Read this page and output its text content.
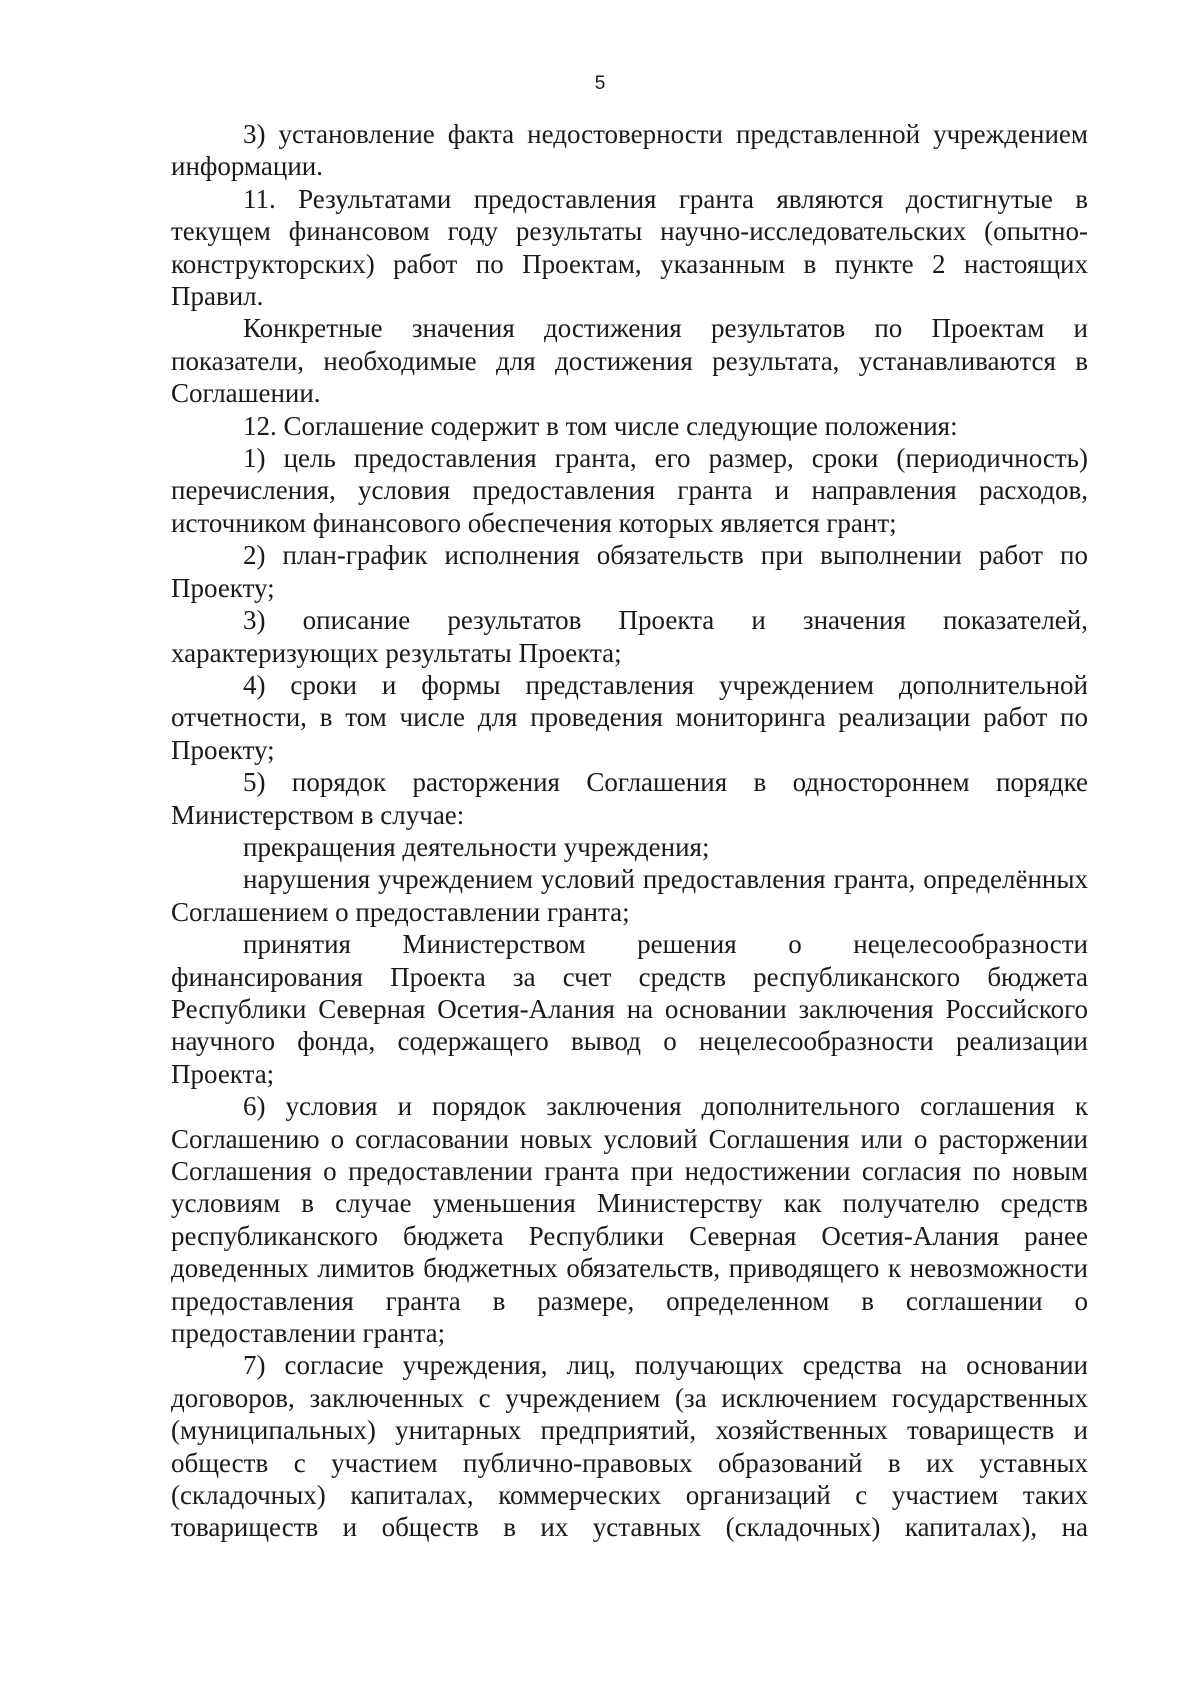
5

3) установление факта недостоверности представленной учреждением информации.

11. Результатами предоставления гранта являются достигнутые в текущем финансовом году результаты научно-исследовательских (опытно-конструкторских) работ по Проектам, указанным в пункте 2 настоящих Правил.

Конкретные значения достижения результатов по Проектам и показатели, необходимые для достижения результата, устанавливаются в Соглашении.

12. Соглашение содержит в том числе следующие положения:

1) цель предоставления гранта, его размер, сроки (периодичность) перечисления, условия предоставления гранта и направления расходов, источником финансового обеспечения которых является грант;

2) план-график исполнения обязательств при выполнении работ по Проекту;

3) описание результатов Проекта и значения показателей, характеризующих результаты Проекта;

4) сроки и формы представления учреждением дополнительной отчетности, в том числе для проведения мониторинга реализации работ по Проекту;

5) порядок расторжения Соглашения в одностороннем порядке Министерством в случае:

прекращения деятельности учреждения;

нарушения учреждением условий предоставления гранта, определённых Соглашением о предоставлении гранта;

принятия Министерством решения о нецелесообразности финансирования Проекта за счет средств республиканского бюджета Республики Северная Осетия-Алания на основании заключения Российского научного фонда, содержащего вывод о нецелесообразности реализации Проекта;

6) условия и порядок заключения дополнительного соглашения к Соглашению о согласовании новых условий Соглашения или о расторжении Соглашения о предоставлении гранта при недостижении согласия по новым условиям в случае уменьшения Министерству как получателю средств республиканского бюджета Республики Северная Осетия-Алания ранее доведенных лимитов бюджетных обязательств, приводящего к невозможности предоставления гранта в размере, определенном в соглашении о предоставлении гранта;

7) согласие учреждения, лиц, получающих средства на основании договоров, заключенных с учреждением (за исключением государственных (муниципальных) унитарных предприятий, хозяйственных товариществ и обществ с участием публично-правовых образований в их уставных (складочных) капиталах, коммерческих организаций с участием таких товариществ и обществ в их уставных (складочных) капиталах), на
